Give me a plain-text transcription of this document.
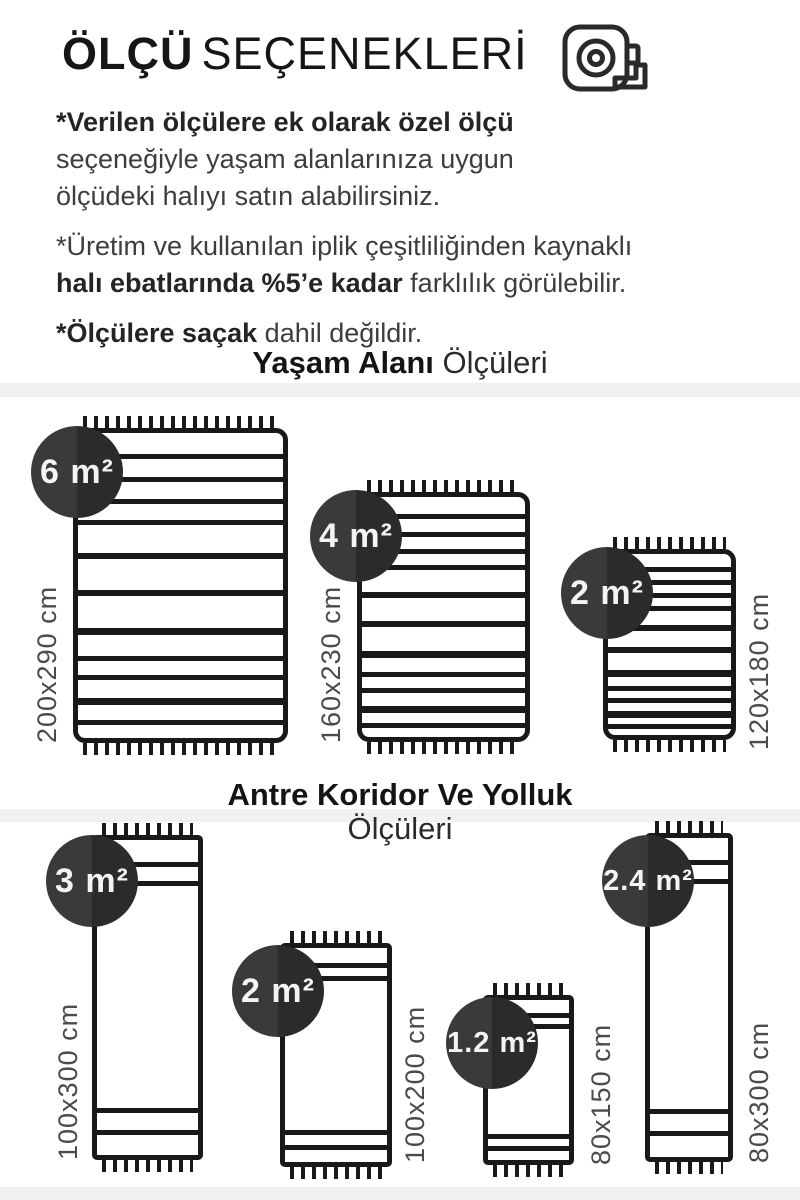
ÖLÇÜ SEÇENEKLERİ

*Verilen ölçülere ek olarak özel ölçü
seçeneğiyle yaşam alanlarınıza uygun
ölçüdeki halıyı satın alabilirsiniz.

*Üretim ve kullanılan iplik çeşitliliğinden kaynaklı
halı ebatlarında %5’e kadar farklılık görülebilir.

*Ölçülere saçak dahil değildir.

Yaşam Alanı Ölçüleri
6 m²
200x290 cm
4 m²
160x230 cm	2 m²
120x180 cm
Antre Koridor Ve Yolluk
Ölçüleri
3 m²
100x300 cm
2 m²
100x200 cm 1.2 m² 80x150 cm
2.4 m²
80x300 cm
